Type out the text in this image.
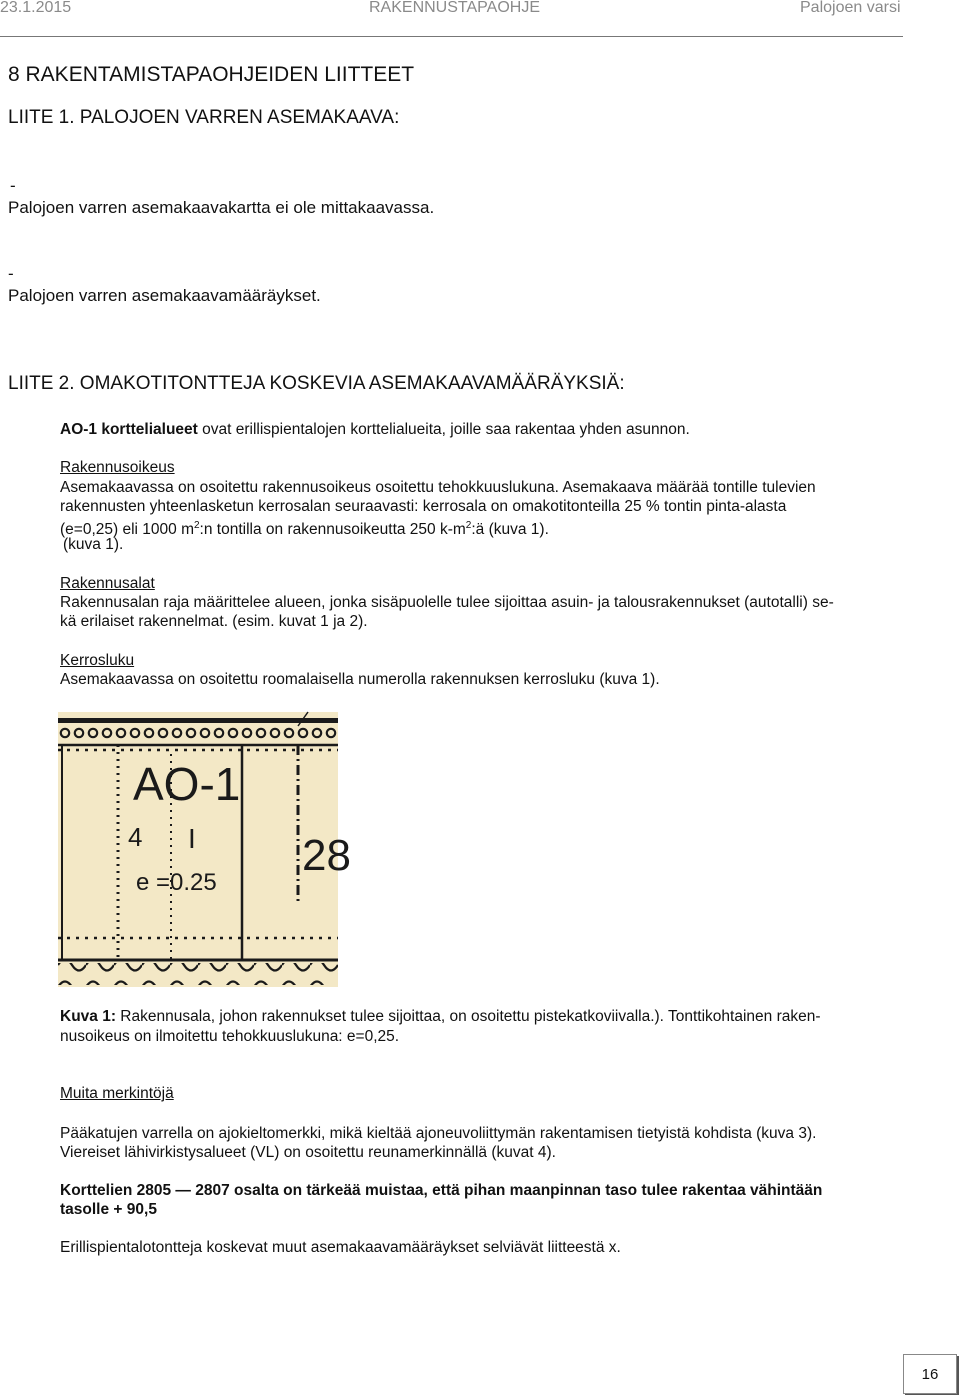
23.1.2015	RAKENNUSTAPAOHJE	Palojoen varsi
8 RAKENTAMISTAPAOHJEIDEN LIITTEET
LIITE 1. PALOJOEN VARREN ASEMAKAAVA:
-
Palojoen varren asemakaavakartta ei ole mittakaavassa.
-
Palojoen varren asemakaavamääräykset.
LIITE 2. OMAKOTITONTTEJA KOSKEVIA ASEMAKAAVAMÄÄRÄYKSIÄ:
AO-1 korttelialueet ovat erillispientalojen korttelialueita, joille saa rakentaa yhden asunnon.
Rakennusoikeus
Asemakaavassa on osoitettu rakennusoikeus osoitettu tehokkuuslukuna. Asemakaava määrää tontille tulevien
rakennusten yhteenlasketun kerrosalan seuraavasti: kerrosala on omakotitonteilla 25 % tontin pinta-alasta
(e=0,25) eli 1000 $m^2:n$ tontilla on rakennusoikeutta 250 $k-m^2:ä$ (kuva 1).
(kuva 1).
Rakennusalat
Rakennusalan raja määrittelee alueen, jonka sisäpuolelle tulee sijoittaa asuin- ja talousrakennukset (autotalli) se-
kä erilaiset rakennelmat. (esim. kuvat 1 ja 2).
Kerrosluku
Asemakaavassa on osoitettu roomalaisella numerolla rakennuksen kerrosluku (kuva 1).
AO-1
4 I 28
e =0.25
Kuva 1: Rakennusala, johon rakennukset tulee sijoittaa, on osoitettu pistekatkoviivalla.). Tonttikohtainen raken-
nusoikeus on ilmoitettu tehokkuuslukuna: e=0,25.
Muita merkintöjä
Pääkatujen varrella on ajokieltomerkki, mikä kieltää ajoneuvoliittymän rakentamisen tietyistä kohdista (kuva 3).
Viereiset lähivirkistysalueet (VL) on osoitettu reunamerkinnällä (kuvat 4).
Korttelien 2805 — 2807 osalta on tärkeää muistaa, että pihan maanpinnan taso tulee rakentaa vähintään
tasolle + 90,5
Erillispientalotontteja koskevat muut asemakaavamääräykset selviävät liitteestä x.
16
